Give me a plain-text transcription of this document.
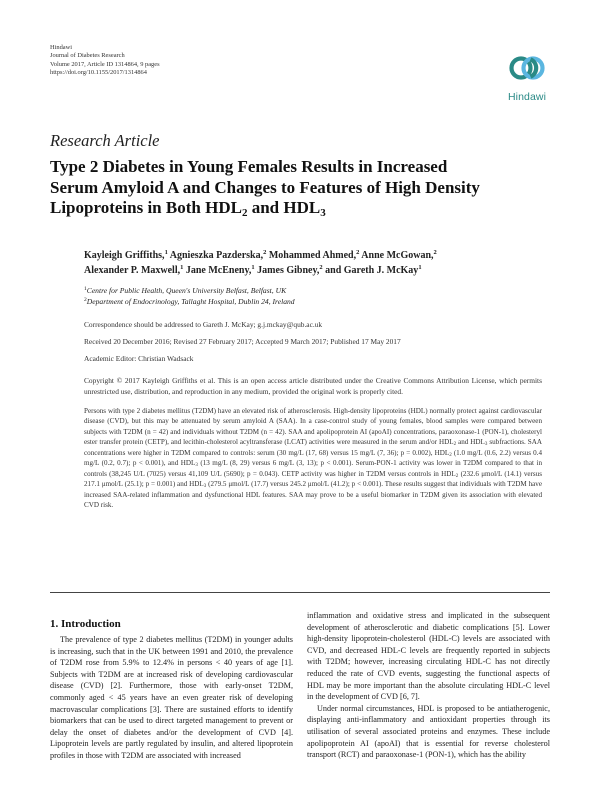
Hindawi
Journal of Diabetes Research
Volume 2017, Article ID 1314864, 9 pages
https://doi.org/10.1155/2017/1314864
Hindawi
Research Article
Type 2 Diabetes in Young Females Results in Increased
Serum Amyloid A and Changes to Features of High Density
Lipoproteins in Both $HDL_2$ and $HDL_3$
Kayleigh Griffiths,$^1$ Agnieszka Pazderska,$^2$ Mohammed Ahmed,$^2$ Anne McGowan,$^2$
Alexander P. Maxwell,$^1$ Jane McEneny,$^1$ James Gibney,$^2$ and Gareth J. McKay$^1$
$^1$Centre for Public Health, Queen's University Belfast, Belfast, UK
$^2$Department of Endocrinology, Tallaght Hospital, Dublin 24, Ireland
Correspondence should be addressed to Gareth J. McKay; g.j.mckay@qub.ac.uk
Received 20 December 2016; Revised 27 February 2017; Accepted 9 March 2017; Published 17 May 2017
Academic Editor: Christian Wadsack
Copyright © 2017 Kayleigh Griffiths et al. This is an open access article distributed under the Creative Commons Attribution License, which permits unrestricted use, distribution, and reproduction in any medium, provided the original work is properly cited.
Persons with type 2 diabetes mellitus (T2DM) have an elevated risk of atherosclerosis. High-density lipoproteins (HDL) normally protect against cardiovascular disease (CVD), but this may be attenuated by serum amyloid A (SAA). In a case-control study of young females, blood samples were compared between subjects with T2DM (n = 42) and individuals without T2DM (n = 42). SAA and apolipoprotein AI (apoAI) concentrations, paraoxonase-1 (PON-1), cholesteryl ester transfer protein (CETP), and lecithin-cholesterol acyltransferase (LCAT) activities were measured in the serum and/or $HDL_2$ and $HDL_3$ subfractions. SAA concentrations were higher in T2DM compared to controls: serum (30 mg/L (17, 68) versus 15 mg/L (7, 36); p = 0.002), $HDL_2$ (1.0 mg/L (0.6, 2.2) versus 0.4 mg/L (0.2, 0.7); p < 0.001), and $HDL_3$ (13 mg/L (8, 29) versus 6 mg/L (3, 13); p < 0.001). Serum-PON-1 activity was lower in T2DM compared to that in controls (38,245 U/L (7025) versus 41,109 U/L (5690); p = 0.043). CETP activity was higher in T2DM versus controls in $HDL_2$ (232.6 μmol/L (14.1) versus 217.1 μmol/L (25.1); p = 0.001) and $HDL_3$ (279.5 μmol/L (17.7) versus 245.2 μmol/L (41.2); p < 0.001). These results suggest that individuals with T2DM have increased SAA-related inflammation and dysfunctional HDL features. SAA may prove to be a useful biomarker in T2DM given its association with elevated CVD risk.
1. Introduction

The prevalence of type 2 diabetes mellitus (T2DM) in younger adults is increasing, such that in the UK between 1991 and 2010, the prevalence of T2DM rose from 5.9% to 12.4% in persons < 40 years of age [1]. Subjects with T2DM are at increased risk of developing cardiovascular disease (CVD) [2]. Furthermore, those with early-onset T2DM, commonly aged < 45 years have an even greater risk of developing macrovascular complications [3]. There are sustained efforts to identify biomarkers that can be used to direct targeted management to prevent or delay the onset of diabetes and/or the development of CVD [4]. Lipoprotein levels are partly regulated by insulin, and altered lipoprotein profiles in those with T2DM are associated with increased

inflammation and oxidative stress and implicated in the subsequent development of atherosclerotic and diabetic complications [5]. Lower high-density lipoprotein-cholesterol (HDL-C) levels are associated with CVD, and decreased HDL-C levels are frequently reported in subjects with T2DM; however, increasing circulating HDL-C has not directly reduced the rate of CVD events, suggesting the functional aspects of HDL may be more important than the absolute circulating HDL-C level in the development of CVD [6, 7].

Under normal circumstances, HDL is proposed to be antiatherogenic, displaying anti-inflammatory and antioxidant properties through its utilisation of several associated proteins and enzymes. These include apolipoprotein AI (apoAI) that is essential for reverse cholesterol transport (RCT) and paraoxonase-1 (PON-1), which has the ability
